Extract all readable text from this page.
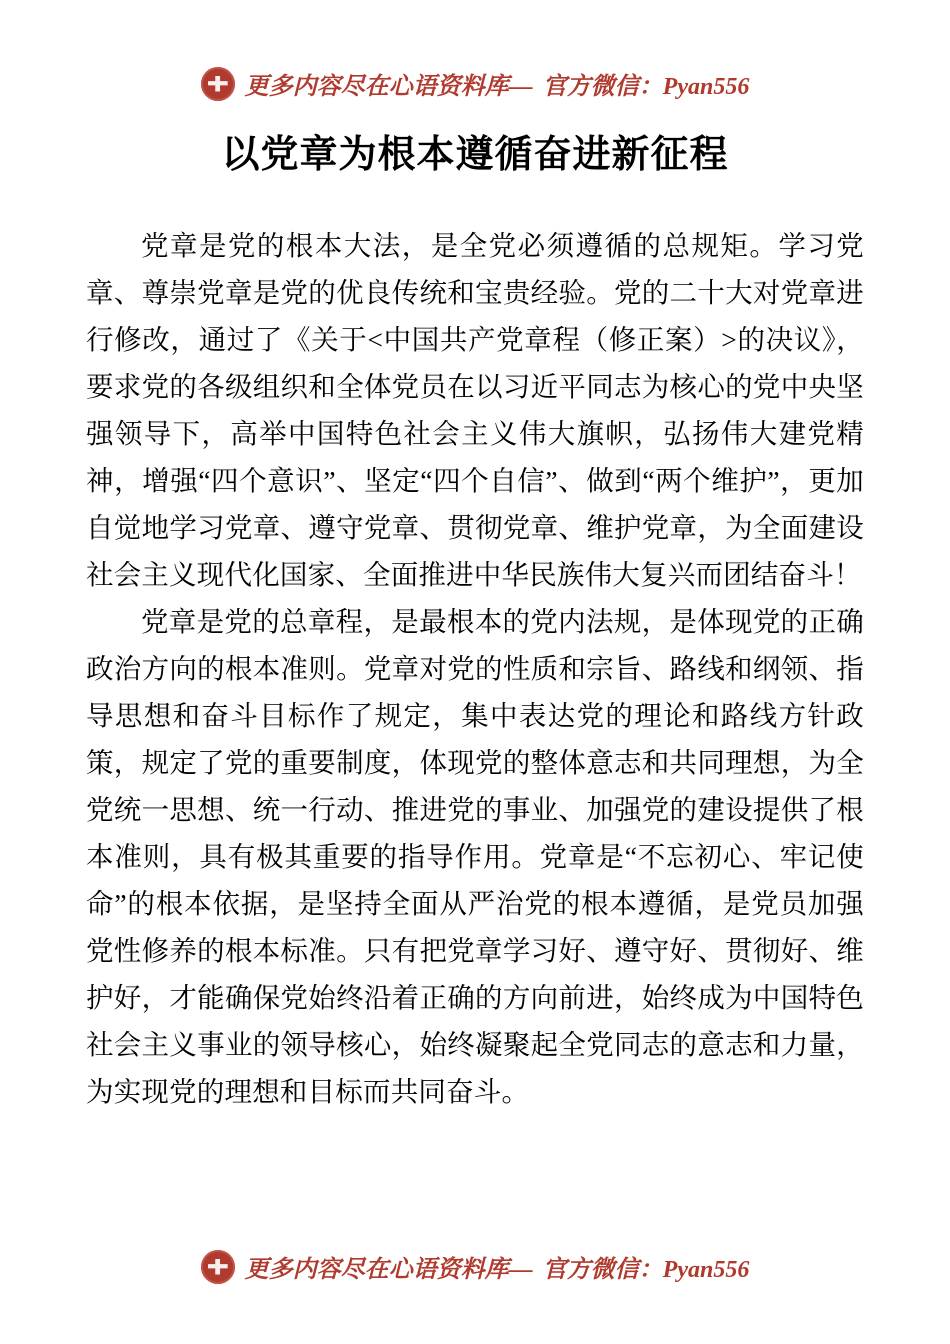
更多内容尽在心语资料库— 官方微信：Pyan556
以党章为根本遵循奋进新征程

党章是党的根本大法，是全党必须遵循的总规矩。学习党章、尊崇党章是党的优良传统和宝贵经验。党的二十大对党章进行修改，通过了《关于<中国共产党章程（修正案）>的决议》，要求党的各级组织和全体党员在以习近平同志为核心的党中央坚强领导下，高举中国特色社会主义伟大旗帜，弘扬伟大建党精神，增强“四个意识”、坚定“四个自信”、做到“两个维护”，更加自觉地学习党章、遵守党章、贯彻党章、维护党章，为全面建设社会主义现代化国家、全面推进中华民族伟大复兴而团结奋斗！

党章是党的总章程，是最根本的党内法规，是体现党的正确政治方向的根本准则。党章对党的性质和宗旨、路线和纲领、指导思想和奋斗目标作了规定，集中表达党的理论和路线方针政策，规定了党的重要制度，体现党的整体意志和共同理想，为全党统一思想、统一行动、推进党的事业、加强党的建设提供了根本准则，具有极其重要的指导作用。党章是“不忘初心、牢记使命”的根本依据，是坚持全面从严治党的根本遵循，是党员加强党性修养的根本标准。只有把党章学习好、遵守好、贯彻好、维护好，才能确保党始终沿着正确的方向前进，始终成为中国特色社会主义事业的领导核心，始终凝聚起全党同志的意志和力量，为实现党的理想和目标而共同奋斗。

更多内容尽在心语资料库— 官方微信：Pyan556
